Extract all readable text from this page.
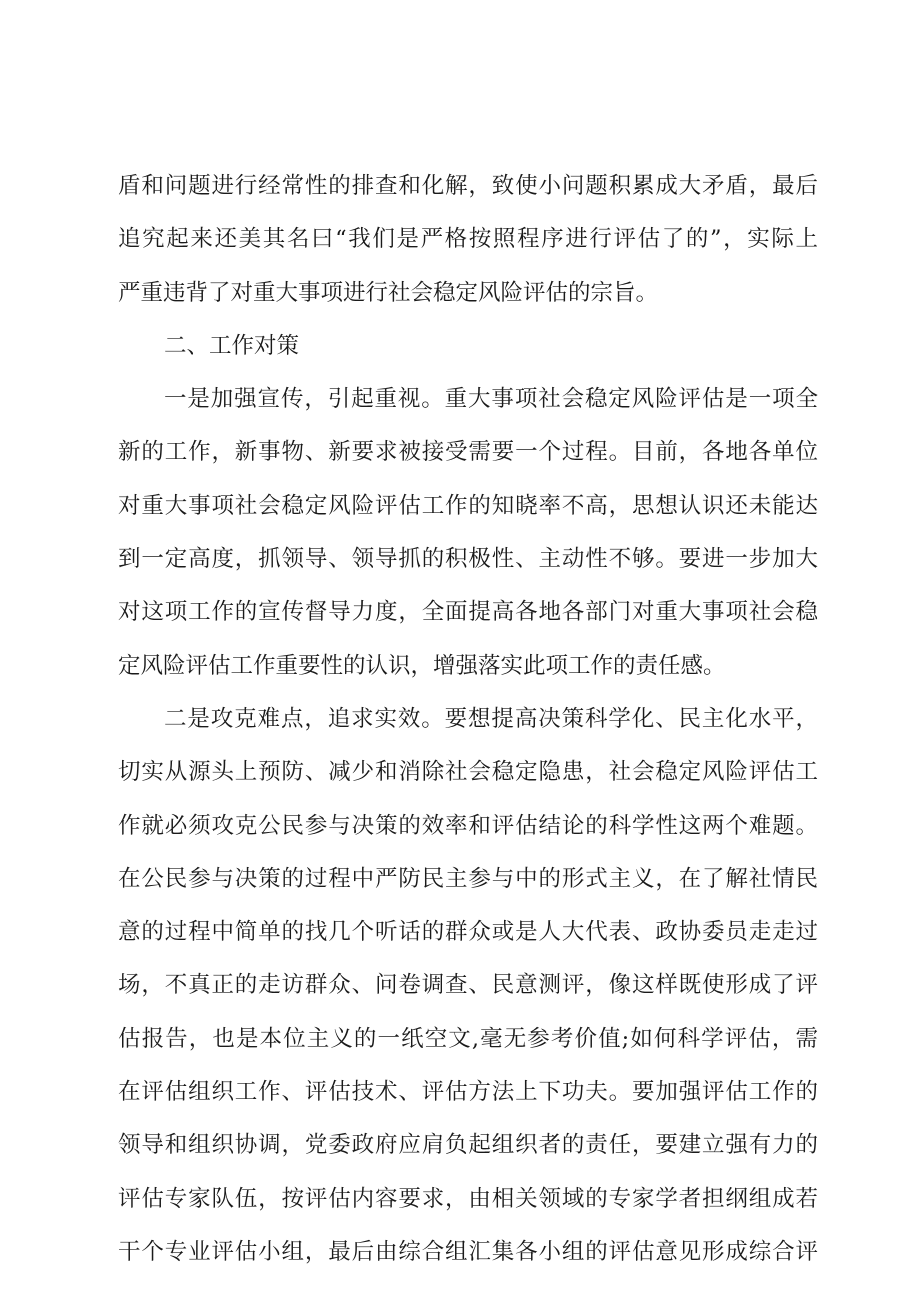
盾和问题进行经常性的排查和化解，致使小问题积累成大矛盾，最后
追究起来还美其名曰“我们是严格按照程序进行评估了的”，实际上
严重违背了对重大事项进行社会稳定风险评估的宗旨。
二、工作对策
一是加强宣传，引起重视。重大事项社会稳定风险评估是一项全
新的工作，新事物、新要求被接受需要一个过程。目前，各地各单位
对重大事项社会稳定风险评估工作的知晓率不高，思想认识还未能达
到一定高度，抓领导、领导抓的积极性、主动性不够。要进一步加大
对这项工作的宣传督导力度，全面提高各地各部门对重大事项社会稳
定风险评估工作重要性的认识，增强落实此项工作的责任感。
二是攻克难点，追求实效。要想提高决策科学化、民主化水平，
切实从源头上预防、减少和消除社会稳定隐患，社会稳定风险评估工
作就必须攻克公民参与决策的效率和评估结论的科学性这两个难题。
在公民参与决策的过程中严防民主参与中的形式主义，在了解社情民
意的过程中简单的找几个听话的群众或是人大代表、政协委员走走过
场，不真正的走访群众、问卷调查、民意测评，像这样既使形成了评
估报告，也是本位主义的一纸空文,毫无参考价值;如何科学评估，需
在评估组织工作、评估技术、评估方法上下功夫。要加强评估工作的
领导和组织协调，党委政府应肩负起组织者的责任，要建立强有力的
评估专家队伍，按评估内容要求，由相关领域的专家学者担纲组成若
干个专业评估小组，最后由综合组汇集各小组的评估意见形成综合评
